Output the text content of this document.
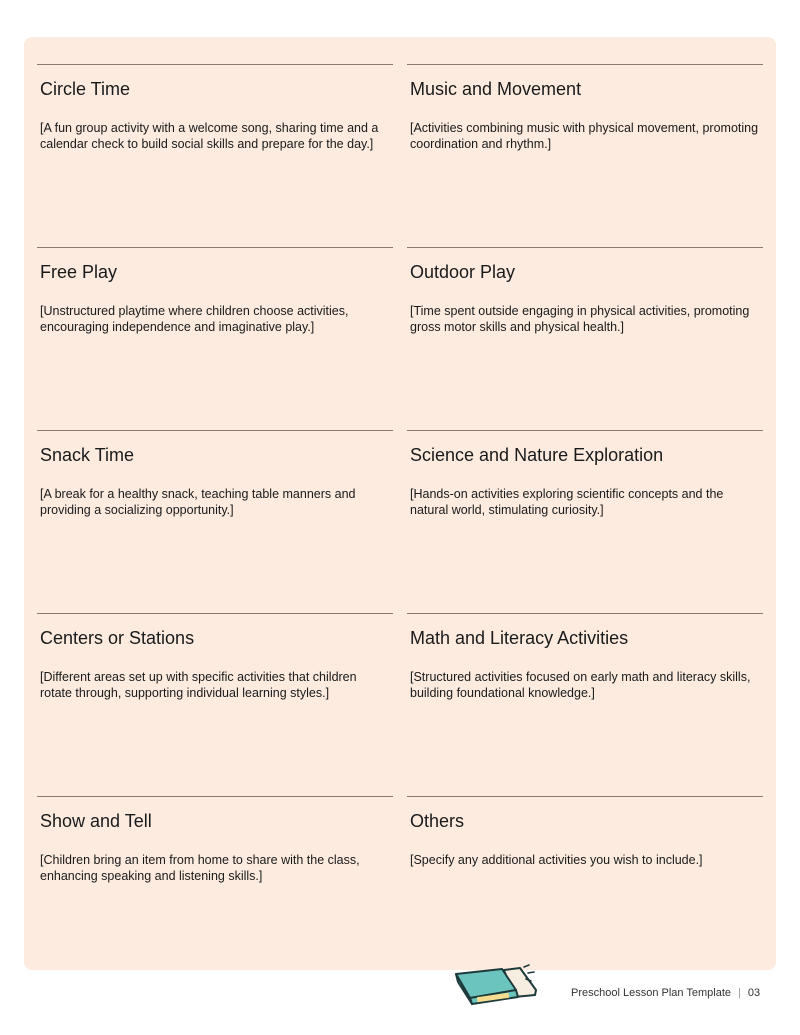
Circle Time

[A fun group activity with a welcome song, sharing time and a calendar check to build social skills and prepare for the day.]

Music and Movement

[Activities combining music with physical movement, promoting coordination and rhythm.]

Free Play

[Unstructured playtime where children choose activities, encouraging independence and imaginative play.]

Outdoor Play

[Time spent outside engaging in physical activities, promoting gross motor skills and physical health.]

Snack Time

[A break for a healthy snack, teaching table manners and providing a socializing opportunity.]

Science and Nature Exploration

[Hands-on activities exploring scientific concepts and the natural world, stimulating curiosity.]

Centers or Stations

[Different areas set up with specific activities that children rotate through, supporting individual learning styles.]

Math and Literacy Activities

[Structured activities focused on early math and literacy skills, building foundational knowledge.]

Show and Tell

[Children bring an item from home to share with the class, enhancing speaking and listening skills.]

Others

[Specify any additional activities you wish to include.]

Preschool Lesson Plan Template | 03
